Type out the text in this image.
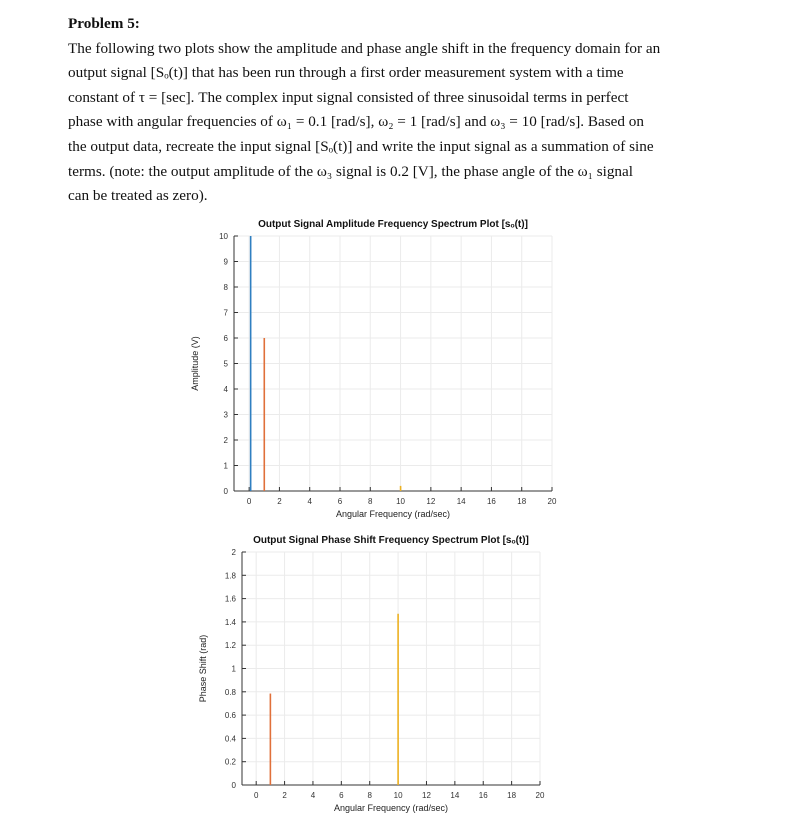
Problem 5:
The following two plots show the amplitude and phase angle shift in the frequency domain for an
output signal [Sₒ(t)] that has been run through a first order measurement system with a time
constant of τ = [sec]. The complex input signal consisted of three sinusoidal terms in perfect
phase with angular frequencies of ω₁ = 0.1 [rad/s], ω₂ = 1 [rad/s] and ω₃ = 10 [rad/s]. Based on
the output data, recreate the input signal [Sₒ(t)] and write the input signal as a summation of sine
terms. (note: the output amplitude of the ω₃ signal is 0.2 [V], the phase angle of the ω₁ signal
can be treated as zero).
0	2	4	6	8	10	12	14	16	18	20
0
1
2
3
4
5
6
7
8
9
10
Output Signal Amplitude Frequency Spectrum Plot [sₒ(t)]
Angular Frequency (rad/sec)
Amplitude (V)
0	2	4	6	8	10 12 14 16 18 20
0
0.2
0.4
0.6
0.8
1
1.2
1.4
1.6
1.8
2
Output Signal Phase Shift Frequency Spectrum Plot [sₒ(t)]
Angular Frequency (rad/sec)
Phase Shift (rad)
